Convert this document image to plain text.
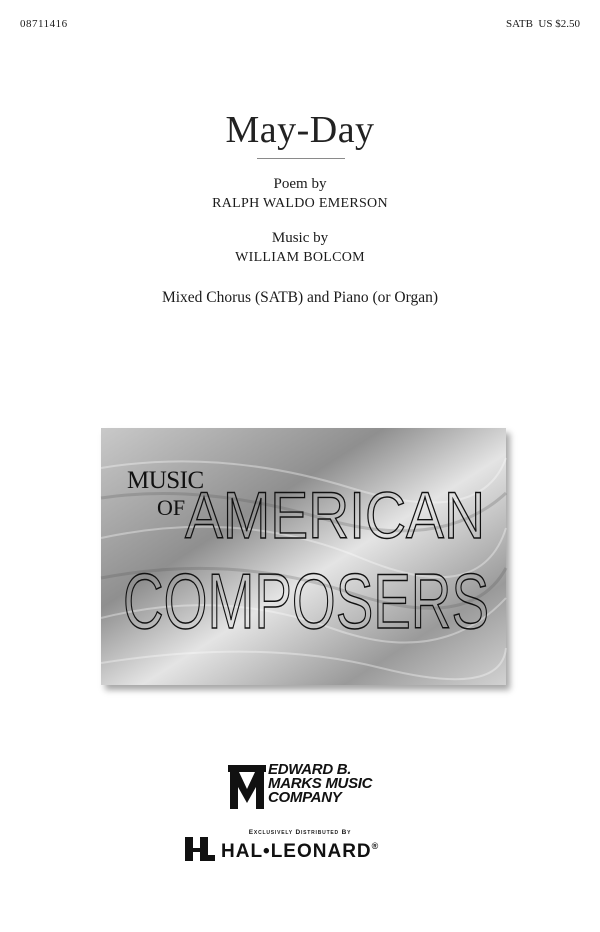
08711416	SATB  US $2.50
May-Day
Poem by
RALPH WALDO EMERSON
Music by
WILLIAM BOLCOM
Mixed Chorus (SATB) and Piano (or Organ)
MUSIC
OF AMERICAN
COMPOSERS
EDWARD B.
MARKS MUSIC
COMPANY
Exclusively Distributed By
HAL•LEONARD®
